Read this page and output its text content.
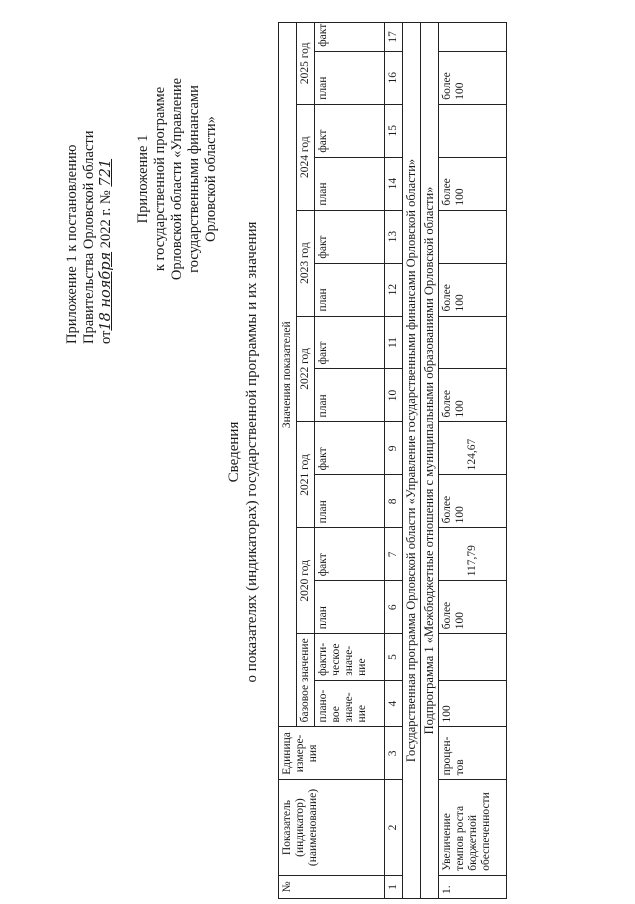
Приложение 1 к постановлению Правительства Орловской области от18 ноября 2022 г. № 721 Приложение 1 к государственной программе Орловской области «Управление государственными финансами Орловской области»
Сведения о показателях (индикаторах) государственной программы и их значения
№	Показатель (индикатор) (наименование)	Единица измере-ния	Значения показателей													
			базовое значение		2020 год		2021 год		2022 год		2023 год		2024 год		2025 год	
			плано-вое значе-ние	факти-ческое значе-ние	план	факт	план	факт	план	факт	план	факт	план	факт	план	факт
1	2	3	4	5	6	7	8	9	10	11	12	13	14	15	16	17
Государственная программа Орловской области «Управление государственными финансами Орловской области»																
Подпрограмма 1 «Межбюджетные отношения с муниципальными образованиями Орловской области»																
1.	Увеличение темпов роста бюджетной обеспеченности	процен-тов	100		более 100	117,79	более 100	124,67	более 100		более 100		более 100		более 100	
